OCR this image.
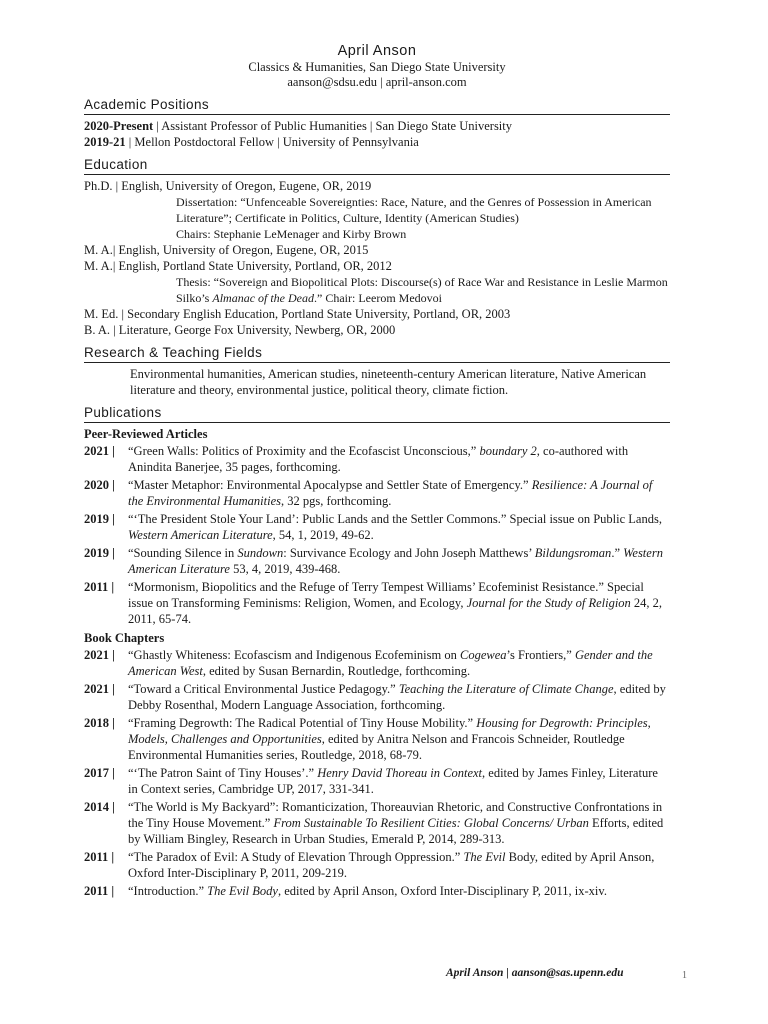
April Anson
Classics & Humanities, San Diego State University
aanson@sdsu.edu | april-anson.com
Academic Positions
2020-Present | Assistant Professor of Public Humanities | San Diego State University
2019-21 | Mellon Postdoctoral Fellow | University of Pennsylvania
Education
Ph.D. | English, University of Oregon, Eugene, OR, 2019
Dissertation: “Unfenceable Sovereignties: Race, Nature, and the Genres of Possession in American Literature”; Certificate in Politics, Culture, Identity (American Studies)
Chairs: Stephanie LeMenager and Kirby Brown
M. A.| English, University of Oregon, Eugene, OR, 2015
M. A.| English, Portland State University, Portland, OR, 2012
Thesis: “Sovereign and Biopolitical Plots: Discourse(s) of Race War and Resistance in Leslie Marmon Silko’s Almanac of the Dead.” Chair: Leerom Medovoi
M. Ed. | Secondary English Education, Portland State University, Portland, OR, 2003
B. A. | Literature, George Fox University, Newberg, OR, 2000
Research & Teaching Fields
Environmental humanities, American studies, nineteenth-century American literature, Native American literature and theory, environmental justice, political theory, climate fiction.
Publications
Peer-Reviewed Articles
2021 | “Green Walls: Politics of Proximity and the Ecofascist Unconscious,” boundary 2, co-authored with Anindita Banerjee, 35 pages, forthcoming.
2020 | “Master Metaphor: Environmental Apocalypse and Settler State of Emergency.” Resilience: A Journal of the Environmental Humanities, 32 pgs, forthcoming.
2019 | “‘The President Stole Your Land’: Public Lands and the Settler Commons.” Special issue on Public Lands, Western American Literature, 54, 1, 2019, 49-62.
2019 | “Sounding Silence in Sundown: Survivance Ecology and John Joseph Matthews’ Bildungsroman.” Western American Literature 53, 4, 2019, 439-468.
2011 | “Mormonism, Biopolitics and the Refuge of Terry Tempest Williams’ Ecofeminist Resistance.” Special issue on Transforming Feminisms: Religion, Women, and Ecology, Journal for the Study of Religion 24, 2, 2011, 65-74.
Book Chapters
2021 | “Ghastly Whiteness: Ecofascism and Indigenous Ecofeminism on Cogewea’s Frontiers,” Gender and the American West, edited by Susan Bernardin, Routledge, forthcoming.
2021 | “Toward a Critical Environmental Justice Pedagogy.” Teaching the Literature of Climate Change, edited by Debby Rosenthal, Modern Language Association, forthcoming.
2018 | “Framing Degrowth: The Radical Potential of Tiny House Mobility.” Housing for Degrowth: Principles, Models, Challenges and Opportunities, edited by Anitra Nelson and Francois Schneider, Routledge Environmental Humanities series, Routledge, 2018, 68-79.
2017 | “‘The Patron Saint of Tiny Houses’.” Henry David Thoreau in Context, edited by James Finley, Literature in Context series, Cambridge UP, 2017, 331-341.
2014 | “The World is My Backyard”: Romanticization, Thoreauvian Rhetoric, and Constructive Confrontations in the Tiny House Movement.” From Sustainable To Resilient Cities: Global Concerns/ Urban Efforts, edited by William Bingley, Research in Urban Studies, Emerald P, 2014, 289-313.
2011 | “The Paradox of Evil: A Study of Elevation Through Oppression.” The Evil Body, edited by April Anson, Oxford Inter-Disciplinary P, 2011, 209-219.
2011 | “Introduction.” The Evil Body, edited by April Anson, Oxford Inter-Disciplinary P, 2011, ix-xiv.
April Anson | aanson@sas.upenn.edu	1
